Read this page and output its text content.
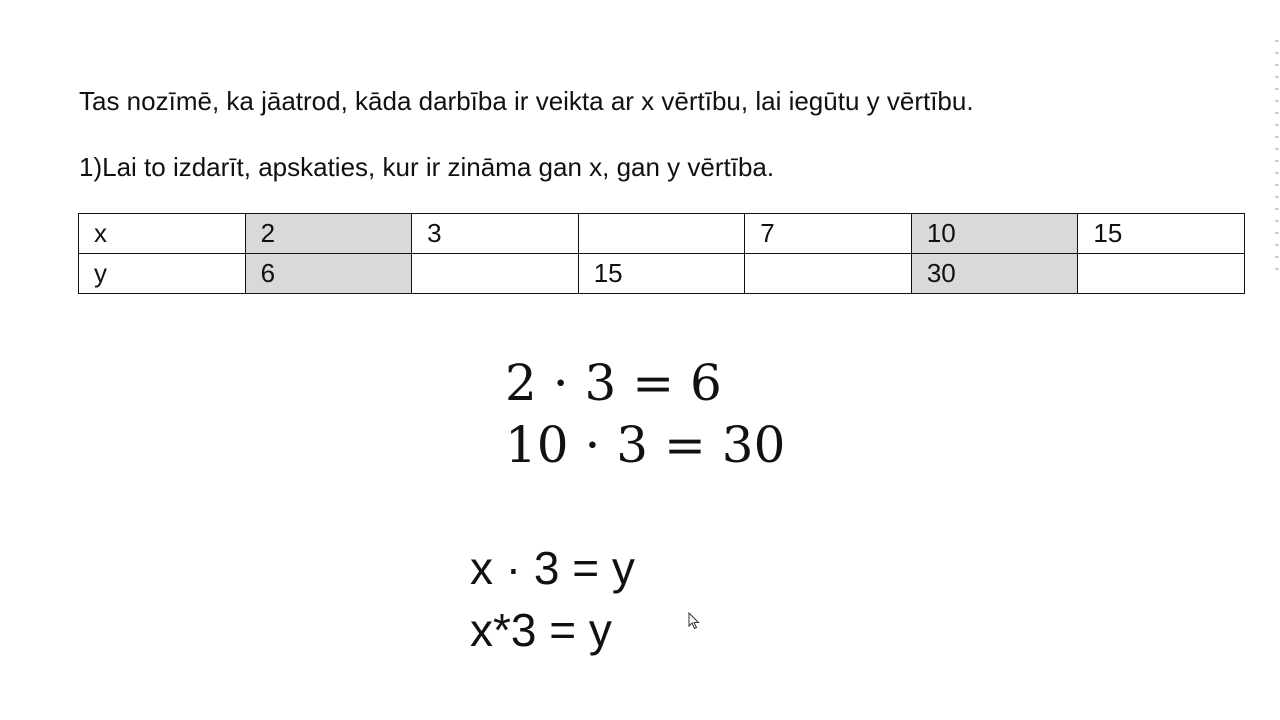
Tas nozīmē, ka jāatrod, kāda darbība ir veikta ar x vērtību, lai iegūtu y vērtību.
1)Lai to izdarīt, apskaties, kur ir zināma gan x, gan y vērtība.
x	2	3		7	10	15
y	6		15		30	
2 · 3 = 6
10 · 3 = 30
x · 3 = y
x*3 = y
